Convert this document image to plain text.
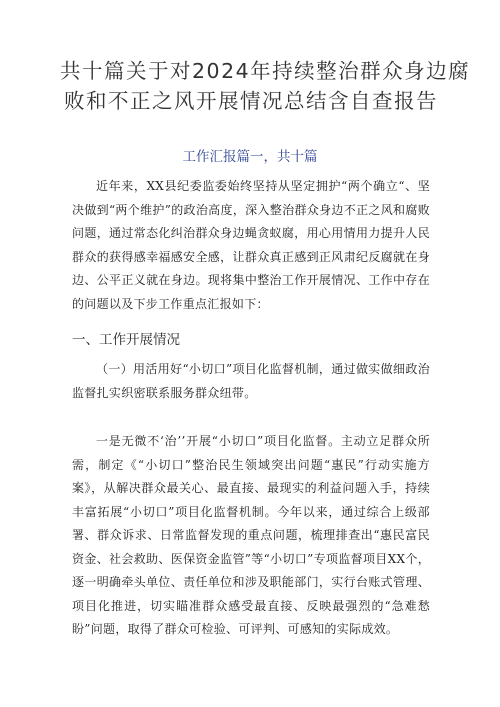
共十篇关于对2024年持续整治群众身边腐
败和不正之风开展情况总结含自查报告
工作汇报篇一，共十篇

近年来，XX县纪委监委始终坚持从坚定拥护“两个确立“、坚决做到“两个维护”的政治高度，深入整治群众身边不正之风和腐败问题，通过常态化纠治群众身边蝇贪蚁腐，用心用情用力提升人民群众的获得感幸福感安全感，让群众真正感到正风肃纪反腐就在身边、公平正义就在身边。现将集中整治工作开展情况、工作中存在的问题以及下步工作重点汇报如下：

一、工作开展情况

（一）用活用好“小切口”项目化监督机制，通过做实做细政治监督扎实织密联系服务群众纽带。

一是无微不‘治’’开展“小切口”项目化监督。主动立足群众所需，制定《“小切口”整治民生领域突出问题“惠民”行动实施方案》，从解决群众最关心、最直接、最现实的利益问题入手，持续丰富拓展“小切口”项目化监督机制。今年以来，通过综合上级部署、群众诉求、日常监督发现的重点问题，梳理排查出“惠民富民资金、社会救助、医保资金监管”等“小切口”专项监督项目XX个，逐一明确牵头单位、责任单位和涉及职能部门，实行台账式管理、项目化推进，切实瞄准群众感受最直接、反映最强烈的“急难愁盼”问题，取得了群众可检验、可评判、可感知的实际成效。
